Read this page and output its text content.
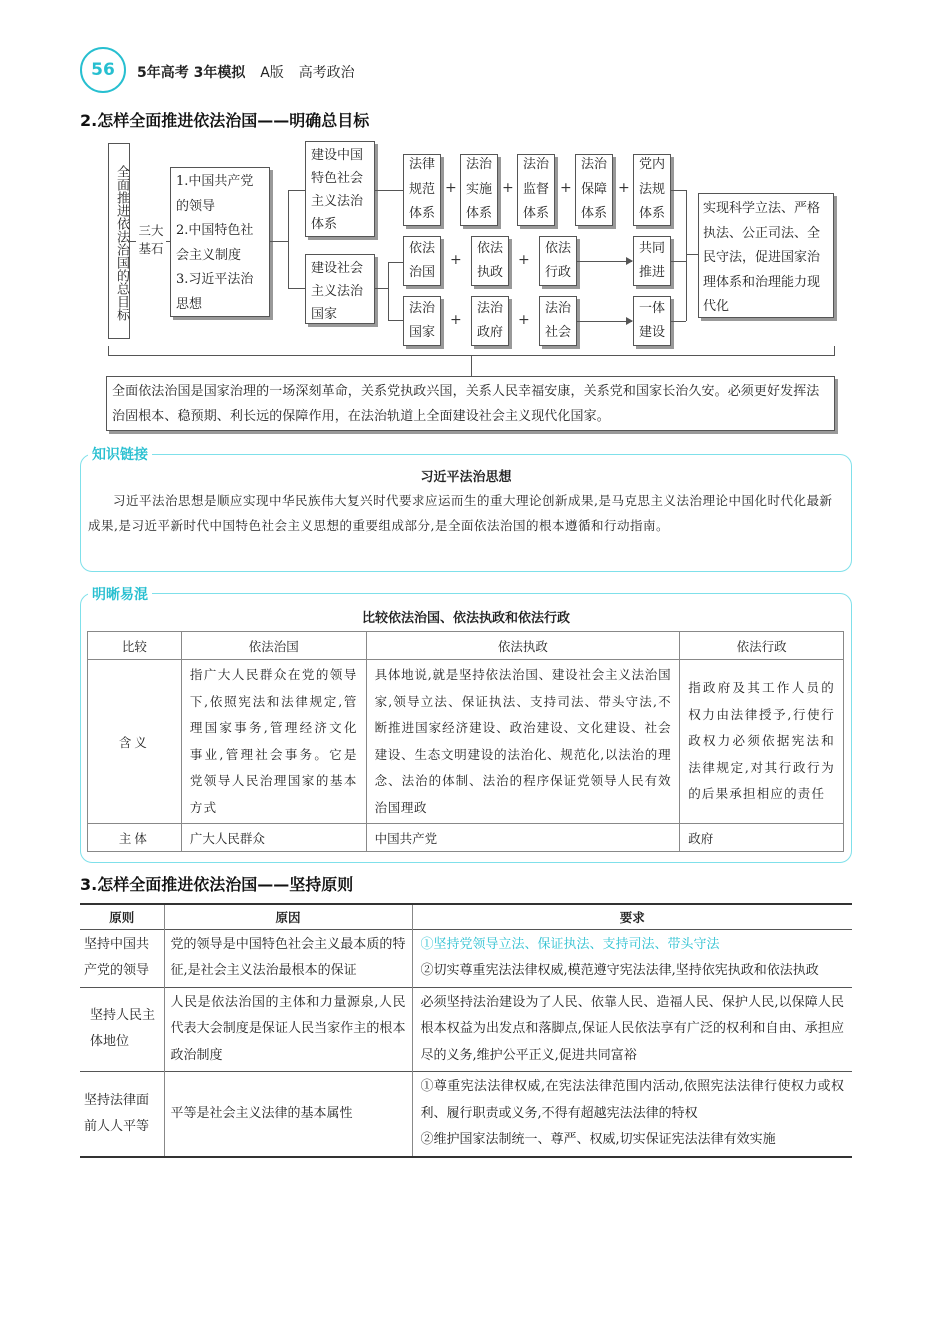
56 5年高考 3年模拟 A版 高考政治
2.怎样全面推进依法治国——明确总目标
全面推进依法治国的总目标 三大
基石
1.中国共产党的领导
2.中国特色社会主义制度
3.习近平法治思想
建设中国特色社会主义法治体系
建设社会主义法治国家
法律
规范
体系
+
法治
实施
体系
+
法治
监督
体系
+
法治
保障
体系
+
党内
法规
体系
依法
治国
+
依法
执政
+
依法
行政
共同
推进
法治
国家
+
法治
政府
+
法治
社会
一体
建设
实现科学立法、严格执法、公正司法、全民守法，促进国家治理体系和治理能力现代化
全面依法治国是国家治理的一场深刻革命，关系党执政兴国，关系人民幸福安康，关系党和国家长治久安。必须更好发挥法治固根本、稳预期、利长远的保障作用，在法治轨道上全面建设社会主义现代化国家。
知识链接
习近平法治思想
习近平法治思想是顺应实现中华民族伟大复兴时代要求应运而生的重大理论创新成果,是马克思主义法治理论中国化时代化最新成果,是习近平新时代中国特色社会主义思想的重要组成部分,是全面依法治国的根本遵循和行动指南。
明晰易混
比较依法治国、依法执政和依法行政
比较	依法治国	依法执政	依法行政
含义	指广大人民群众在党的领导下,依照宪法和法律规定,管理国家事务,管理经济文化事业,管理社会事务。它是党领导人民治理国家的基本方式	具体地说,就是坚持依法治国、建设社会主义法治国家,领导立法、保证执法、支持司法、带头守法,不断推进国家经济建设、政治建设、文化建设、社会建设、生态文明建设的法治化、规范化,以法治的理念、法治的体制、法治的程序保证党领导人民有效治国理政	指政府及其工作人员的权力由法律授予,行使行政权力必须依据宪法和法律规定,对其行政行为的后果承担相应的责任
主体	广大人民群众	中国共产党	政府
3.怎样全面推进依法治国——坚持原则
原则	原因	要求
坚持中国共产党的领导	党的领导是中国特色社会主义最本质的特征,是社会主义法治最根本的保证	①坚持党领导立法、保证执法、支持司法、带头守法
②切实尊重宪法法律权威,模范遵守宪法法律,坚持依宪执政和依法执政

坚持人民主体地位	人民是依法治国的主体和力量源泉,人民代表大会制度是保证人民当家作主的根本政治制度	必须坚持法治建设为了人民、依靠人民、造福人民、保护人民,以保障人民根本权益为出发点和落脚点,保证人民依法享有广泛的权利和自由、承担应尽的义务,维护公平正义,促进共同富裕
坚持法律面前人人平等	平等是社会主义法律的基本属性	①尊重宪法法律权威,在宪法法律范围内活动,依照宪法法律行使权力或权利、履行职责或义务,不得有超越宪法法律的特权
②维护国家法制统一、尊严、权威,切实保证宪法法律有效实施
